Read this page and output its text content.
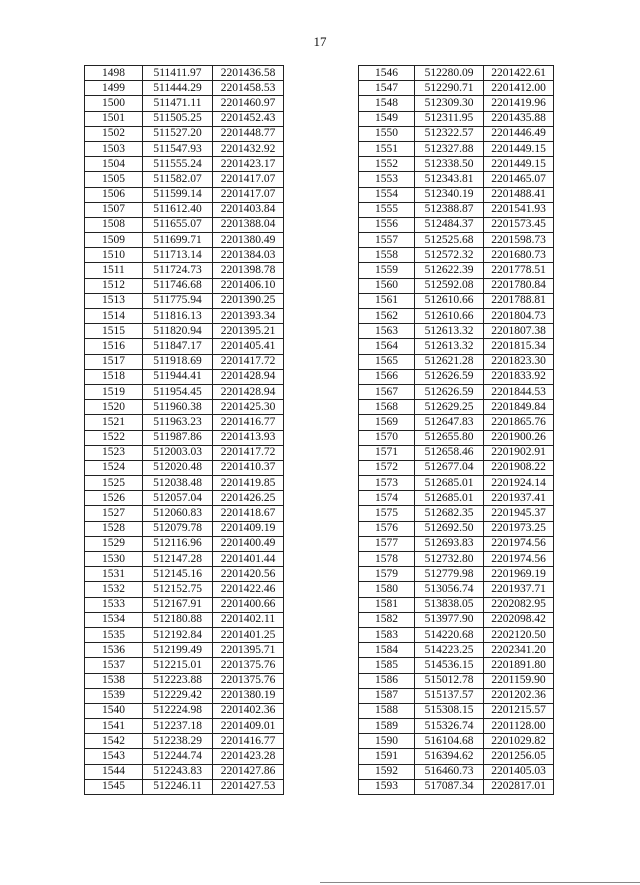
17
1498	511411.97	2201436.58
1499	511444.29	2201458.53
1500	511471.11	2201460.97
1501	511505.25	2201452.43
1502	511527.20	2201448.77
1503	511547.93	2201432.92
1504	511555.24	2201423.17
1505	511582.07	2201417.07
1506	511599.14	2201417.07
1507	511612.40	2201403.84
1508	511655.07	2201388.04
1509	511699.71	2201380.49
1510	511713.14	2201384.03
1511	511724.73	2201398.78
1512	511746.68	2201406.10
1513	511775.94	2201390.25
1514	511816.13	2201393.34
1515	511820.94	2201395.21
1516	511847.17	2201405.41
1517	511918.69	2201417.72
1518	511944.41	2201428.94
1519	511954.45	2201428.94
1520	511960.38	2201425.30
1521	511963.23	2201416.77
1522	511987.86	2201413.93
1523	512003.03	2201417.72
1524	512020.48	2201410.37
1525	512038.48	2201419.85
1526	512057.04	2201426.25
1527	512060.83	2201418.67
1528	512079.78	2201409.19
1529	512116.96	2201400.49
1530	512147.28	2201401.44
1531	512145.16	2201420.56
1532	512152.75	2201422.46
1533	512167.91	2201400.66
1534	512180.88	2201402.11
1535	512192.84	2201401.25
1536	512199.49	2201395.71
1537	512215.01	2201375.76
1538	512223.88	2201375.76
1539	512229.42	2201380.19
1540	512224.98	2201402.36
1541	512237.18	2201409.01
1542	512238.29	2201416.77
1543	512244.74	2201423.28
1544	512243.83	2201427.86
1545	512246.11	2201427.53
1546	512280.09	2201422.61
1547	512290.71	2201412.00
1548	512309.30	2201419.96
1549	512311.95	2201435.88
1550	512322.57	2201446.49
1551	512327.88	2201449.15
1552	512338.50	2201449.15
1553	512343.81	2201465.07
1554	512340.19	2201488.41
1555	512388.87	2201541.93
1556	512484.37	2201573.45
1557	512525.68	2201598.73
1558	512572.32	2201680.73
1559	512622.39	2201778.51
1560	512592.08	2201780.84
1561	512610.66	2201788.81
1562	512610.66	2201804.73
1563	512613.32	2201807.38
1564	512613.32	2201815.34
1565	512621.28	2201823.30
1566	512626.59	2201833.92
1567	512626.59	2201844.53
1568	512629.25	2201849.84
1569	512647.83	2201865.76
1570	512655.80	2201900.26
1571	512658.46	2201902.91
1572	512677.04	2201908.22
1573	512685.01	2201924.14
1574	512685.01	2201937.41
1575	512682.35	2201945.37
1576	512692.50	2201973.25
1577	512693.83	2201974.56
1578	512732.80	2201974.56
1579	512779.98	2201969.19
1580	513056.74	2201937.71
1581	513838.05	2202082.95
1582	513977.90	2202098.42
1583	514220.68	2202120.50
1584	514223.25	2202341.20
1585	514536.15	2201891.80
1586	515012.78	2201159.90
1587	515137.57	2201202.36
1588	515308.15	2201215.57
1589	515326.74	2201128.00
1590	516104.68	2201029.82
1591	516394.62	2201256.05
1592	516460.73	2201405.03
1593	517087.34	2202817.01
